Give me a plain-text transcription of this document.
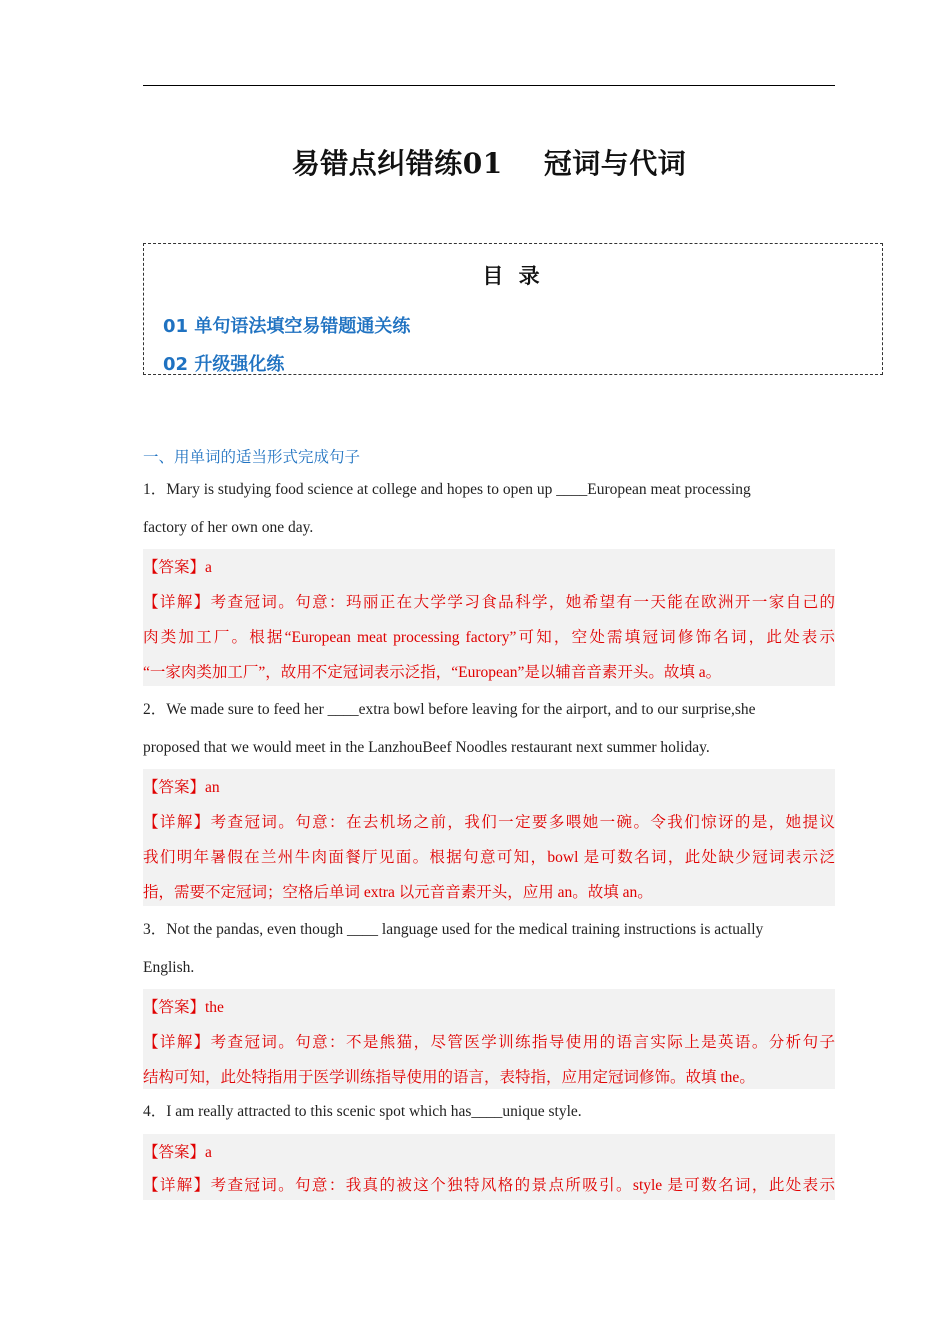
易错点纠错练01    冠词与代词
目 录
01 单句语法填空易错题通关练
02 升级强化练
一、用单词的适当形式完成句子
1．Mary is studying food science at college and hopes to open up ____European meat processing
factory of her own one day.
【答案】a
【详解】考查冠词。句意：玛丽正在大学学习食品科学，她希望有一天能在欧洲开一家自己的
肉类加工厂。根据“European meat processing factory”可知，空处需填冠词修饰名词，此处表示
“一家肉类加工厂”，故用不定冠词表示泛指，“European”是以辅音音素开头。故填 a。
2．We made sure to feed her ____extra bowl before leaving for the airport, and to our surprise,she
proposed that we would meet in the LanzhouBeef Noodles restaurant next summer holiday.
【答案】an
【详解】考查冠词。句意：在去机场之前，我们一定要多喂她一碗。令我们惊讶的是，她提议
我们明年暑假在兰州牛肉面餐厅见面。根据句意可知，bowl 是可数名词，此处缺少冠词表示泛
指，需要不定冠词；空格后单词 extra 以元音音素开头，应用 an。故填 an。
3．Not the pandas, even though ____ language used for the medical training instructions is actually
English.
【答案】the
【详解】考查冠词。句意：不是熊猫，尽管医学训练指导使用的语言实际上是英语。分析句子
结构可知，此处特指用于医学训练指导使用的语言，表特指，应用定冠词修饰。故填 the。
4．I am really attracted to this scenic spot which has____unique style.
【答案】a
【详解】考查冠词。句意：我真的被这个独特风格的景点所吸引。style 是可数名词，此处表示
